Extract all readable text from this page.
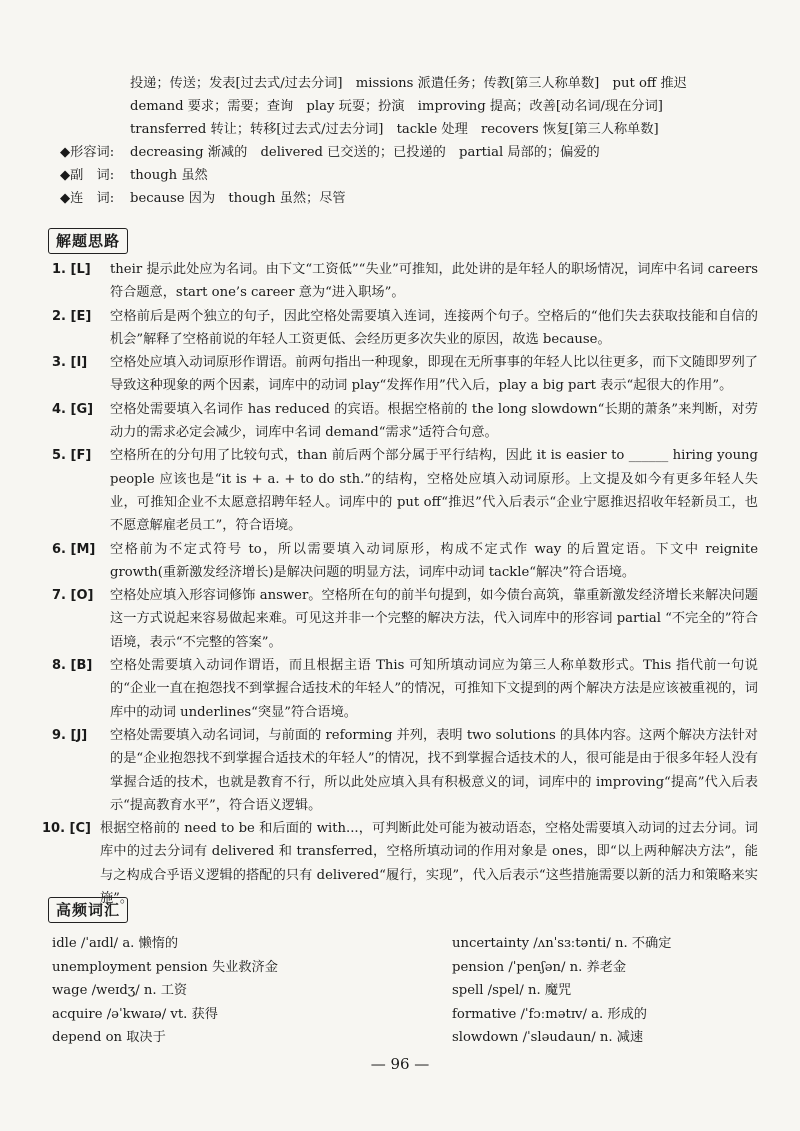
投递；传送；发表[过去式/过去分词]　missions 派遣任务；传教[第三人称单数]　put off 推迟
demand 要求；需要；查询　play 玩耍；扮演　improving 提高；改善[动名词/现在分词]
transferred 转让；转移[过去式/过去分词]　tackle 处理　recovers 恢复[第三人称单数]
◆形容词:	decreasing 渐减的　delivered 已交送的；已投递的　partial 局部的；偏爱的
◆副　词:	though 虽然
◆连　词:	because 因为　though 虽然；尽管
解题思路
1. [L]	their 提示此处应为名词。由下文“工资低”“失业”可推知，此处讲的是年轻人的职场情况，词库中名词 careers 符合题意，start one’s career 意为“进入职场”。
2. [E]	空格前后是两个独立的句子，因此空格处需要填入连词，连接两个句子。空格后的“他们失去获取技能和自信的机会”解释了空格前说的年轻人工资更低、会经历更多次失业的原因，故选 because。
3. [I]	空格处应填入动词原形作谓语。前两句指出一种现象，即现在无所事事的年轻人比以往更多，而下文随即罗列了导致这种现象的两个因素，词库中的动词 play“发挥作用”代入后，play a big part 表示“起很大的作用”。
4. [G]	空格处需要填入名词作 has reduced 的宾语。根据空格前的 the long slowdown“长期的萧条”来判断，对劳动力的需求必定会减少，词库中名词 demand“需求”适符合句意。
5. [F]	空格所在的分句用了比较句式，than 前后两个部分属于平行结构，因此 it is easier to ______ hiring young people 应该也是“it is + a. + to do sth.”的结构，空格处应填入动词原形。上文提及如今有更多年轻人失业，可推知企业不太愿意招聘年轻人。词库中的 put off“推迟”代入后表示“企业宁愿推迟招收年轻新员工，也不愿意解雇老员工”，符合语境。
6. [M]	空格前为不定式符号 to，所以需要填入动词原形，构成不定式作 way 的后置定语。下文中 reignite growth(重新激发经济增长)是解决问题的明显方法，词库中动词 tackle“解决”符合语境。
7. [O]	空格处应填入形容词修饰 answer。空格所在句的前半句提到，如今债台高筑，靠重新激发经济增长来解决问题这一方式说起来容易做起来难。可见这并非一个完整的解决方法，代入词库中的形容词 partial “不完全的”符合语境，表示“不完整的答案”。
8. [B]	空格处需要填入动词作谓语，而且根据主语 This 可知所填动词应为第三人称单数形式。This 指代前一句说的“企业一直在抱怨找不到掌握合适技术的年轻人”的情况，可推知下文提到的两个解决方法是应该被重视的，词库中的动词 underlines“突显”符合语境。
9. [J]	空格处需要填入动名词词，与前面的 reforming 并列，表明 two solutions 的具体内容。这两个解决方法针对的是“企业抱怨找不到掌握合适技术的年轻人”的情况，找不到掌握合适技术的人，很可能是由于很多年轻人没有掌握合适的技术，也就是教育不行，所以此处应填入具有积极意义的词，词库中的 improving“提高”代入后表示“提高教育水平”，符合语义逻辑。
10. [C] 根据空格前的 need to be 和后面的 with...，可判断此处可能为被动语态，空格处需要填入动词的过去分词。词库中的过去分词有 delivered 和 transferred，空格所填动词的作用对象是 ones，即“以上两种解决方法”，能与之构成合乎语义逻辑的搭配的只有 delivered“履行，实现”，代入后表示“这些措施需要以新的活力和策略来实施”。
高频词汇
idle /ˈaɪdl/ a. 懒惰的
unemployment pension 失业救济金
wage /weɪdʒ/ n. 工资
acquire /əˈkwaɪə/ vt. 获得
depend on 取决于
uncertainty /ʌnˈsɜːtənti/ n. 不确定
pension /ˈpenʃən/ n. 养老金
spell /spel/ n. 魔咒
formative /ˈfɔːmətɪv/ a. 形成的
slowdown /ˈsləudaun/ n. 减速
— 96 —
